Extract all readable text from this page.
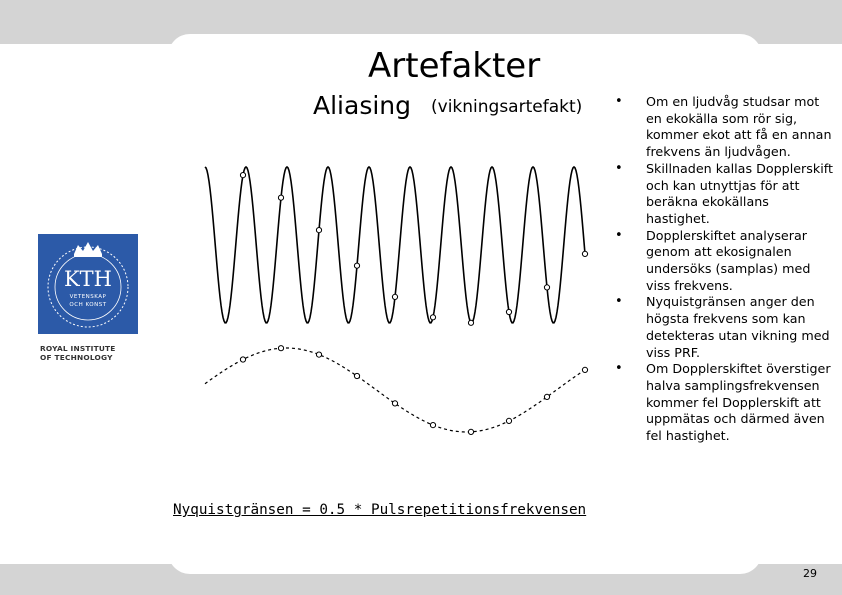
KTH
VETENSKAP
OCH KONST
ROYAL INSTITUTE
OF TECHNOLOGY
Artefakter
Aliasing (vikningsartefakt)
Nyquistgränsen = 0.5 * Pulsrepetitionsfrekvensen
• Om en ljudvåg studsar mot en ekokälla som rör sig, kommer ekot att få en annan frekvens än ljudvågen.
• Skillnaden kallas Dopplerskift och kan utnyttjas för att beräkna ekokällans hastighet.
• Dopplerskiftet analyserar genom att ekosignalen undersöks (samplas) med viss frekvens.
• Nyquistgränsen anger den högsta frekvens som kan detekteras utan vikning med viss PRF.
• Om Dopplerskiftet överstiger halva samplingsfrekvensen kommer fel Dopplerskift att uppmätas och därmed även fel hastighet.
29
